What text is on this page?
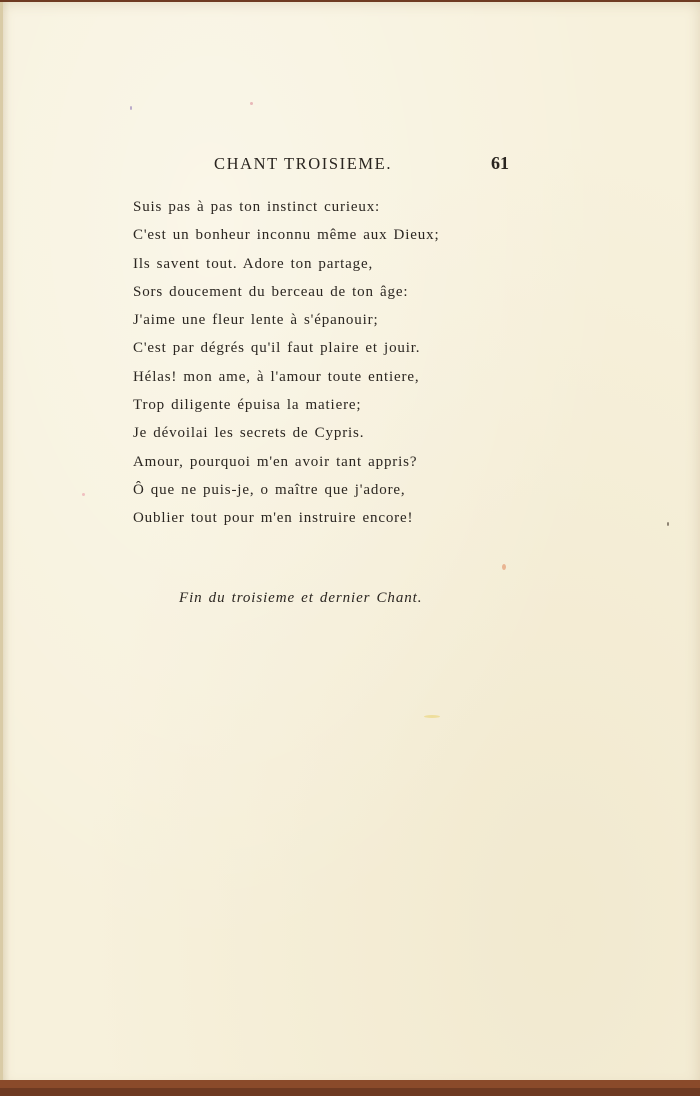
CHANT TROISIEME.	61
Suis pas à pas ton instinct curieux:
C'est un bonheur inconnu même aux Dieux;
Ils savent tout. Adore ton partage,
Sors doucement du berceau de ton âge:
J'aime une fleur lente à s'épanouir;
C'est par dégrés qu'il faut plaire et jouir.
Hélas! mon ame, à l'amour toute entiere,
Trop diligente épuisa la matiere;
Je dévoilai les secrets de Cypris.
Amour, pourquoi m'en avoir tant appris?
Ô que ne puis-je, o maître que j'adore,
Oublier tout pour m'en instruire encore!
Fin du troisieme et dernier Chant.
